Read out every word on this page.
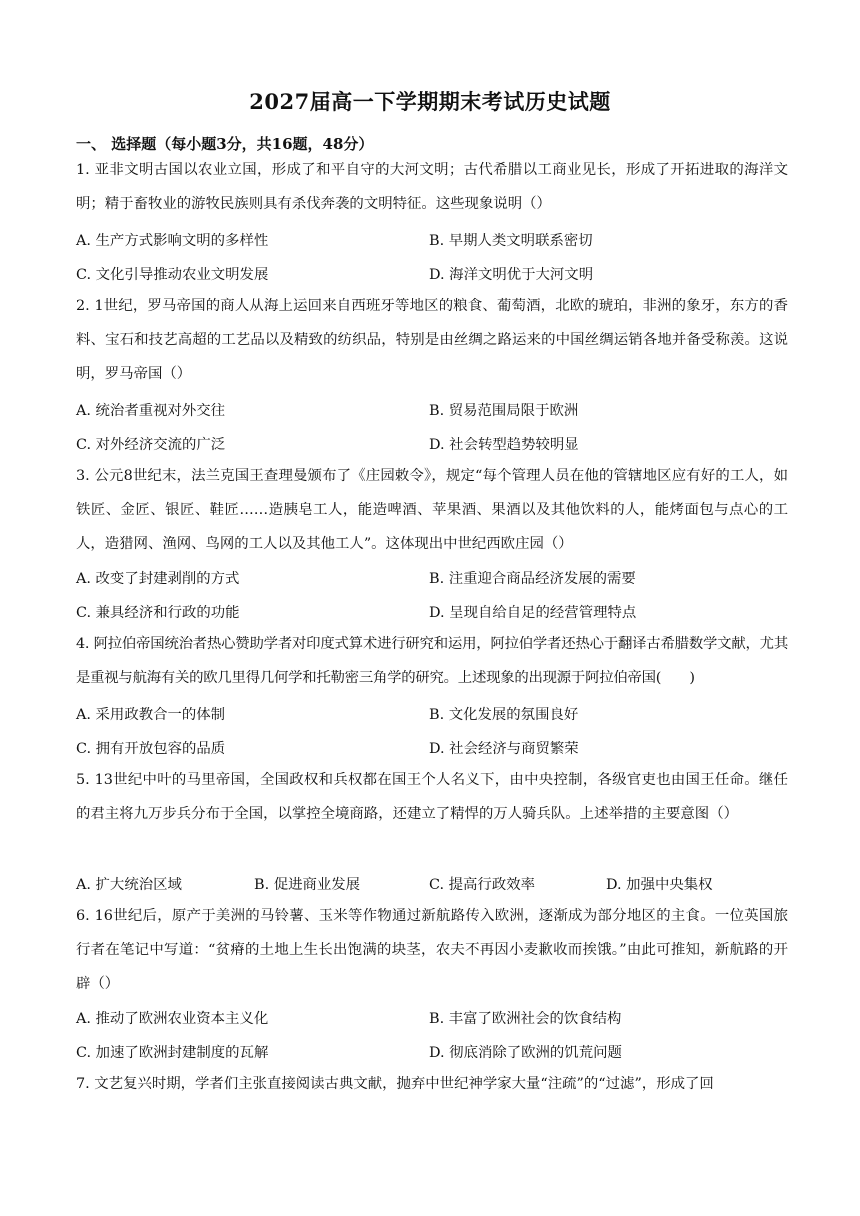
2027届高一下学期期末考试历史试题
一、 选择题（每小题3分，共16题，48分）
1. 亚非文明古国以农业立国，形成了和平自守的大河文明；古代希腊以工商业见长，形成了开拓进取的海洋文明；精于畜牧业的游牧民族则具有杀伐奔袭的文明特征。这些现象说明（）
A. 生产方式影响文明的多样性	B. 早期人类文明联系密切
C. 文化引导推动农业文明发展	D. 海洋文明优于大河文明
2. 1世纪，罗马帝国的商人从海上运回来自西班牙等地区的粮食、葡萄酒，北欧的琥珀，非洲的象牙，东方的香料、宝石和技艺高超的工艺品以及精致的纺织品，特别是由丝绸之路运来的中国丝绸运销各地并备受称羡。这说明，罗马帝国（）
A. 统治者重视对外交往	B. 贸易范围局限于欧洲
C. 对外经济交流的广泛	D. 社会转型趋势较明显
3. 公元8世纪末，法兰克国王查理曼颁布了《庄园敕令》，规定“每个管理人员在他的管辖地区应有好的工人，如铁匠、金匠、银匠、鞋匠……造胰皂工人，能造啤酒、苹果酒、果酒以及其他饮料的人，能烤面包与点心的工人，造猎网、渔网、鸟网的工人以及其他工人”。这体现出中世纪西欧庄园（）
A. 改变了封建剥削的方式	B. 注重迎合商品经济发展的需要
C. 兼具经济和行政的功能	D. 呈现自给自足的经营管理特点
4. 阿拉伯帝国统治者热心赞助学者对印度式算术进行研究和运用，阿拉伯学者还热心于翻译古希腊数学文献，尤其是重视与航海有关的欧几里得几何学和托勒密三角学的研究。上述现象的出现源于阿拉伯帝国(　　)
A. 采用政教合一的体制	B. 文化发展的氛围良好
C. 拥有开放包容的品质	D. 社会经济与商贸繁荣
5. 13世纪中叶的马里帝国，全国政权和兵权都在国王个人名义下，由中央控制，各级官吏也由国王任命。继任的君主将九万步兵分布于全国，以掌控全境商路，还建立了精悍的万人骑兵队。上述举措的主要意图（）
A. 扩大统治区域	B. 促进商业发展	C. 提高行政效率	D. 加强中央集权
6. 16世纪后，原产于美洲的马铃薯、玉米等作物通过新航路传入欧洲，逐渐成为部分地区的主食。一位英国旅行者在笔记中写道：“贫瘠的土地上生长出饱满的块茎，农夫不再因小麦歉收而挨饿。”由此可推知，新航路的开辟（）
A. 推动了欧洲农业资本主义化	B. 丰富了欧洲社会的饮食结构
C. 加速了欧洲封建制度的瓦解	D. 彻底消除了欧洲的饥荒问题
7. 文艺复兴时期，学者们主张直接阅读古典文献，抛弃中世纪神学家大量“注疏”的“过滤”，形成了回
